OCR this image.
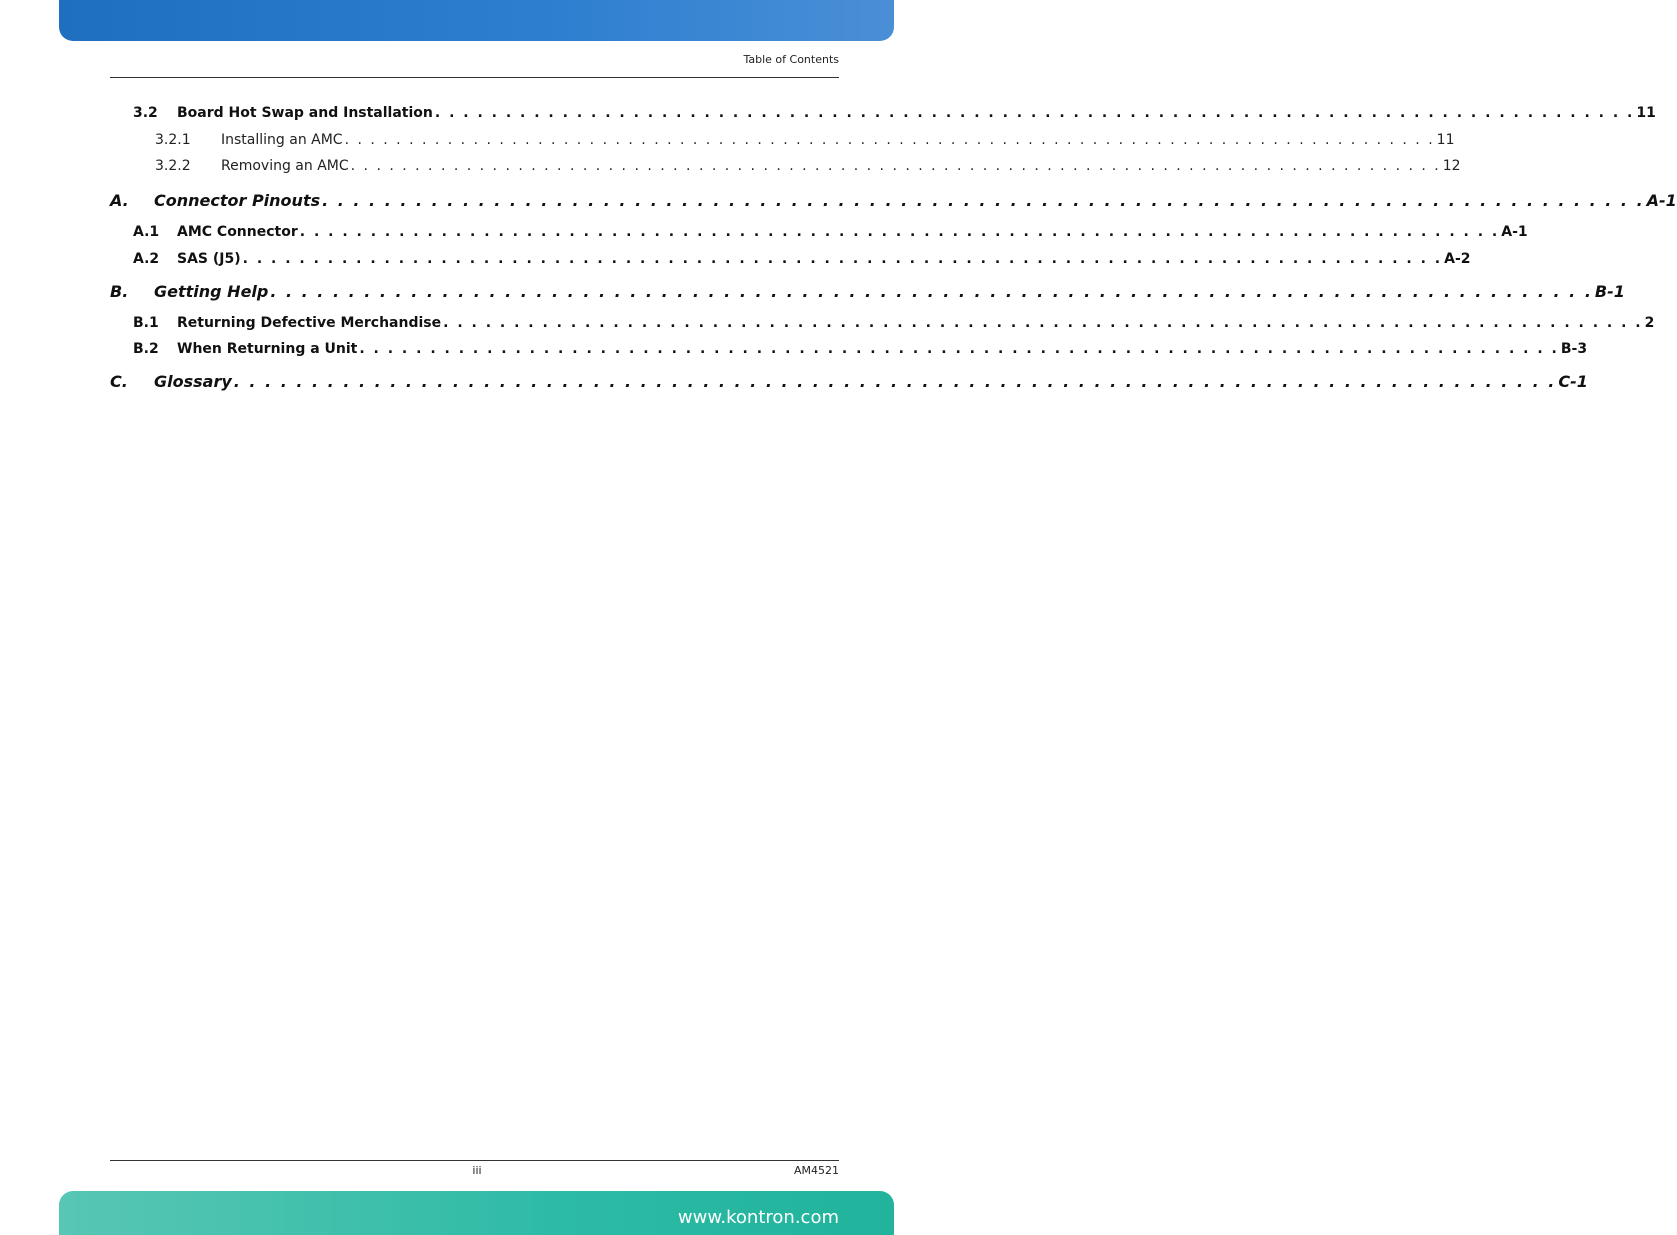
Table of Contents
3.2	Board Hot Swap and Installation . . . . . . . . . . . . . . . . . . . . . . . . . . . . . . . . . . . . . . . . . . . . . . . . . . . . . . . . . . . . . . . . . . . . . . . . . . . . . . . . . . . . . 11
3.2.1	Installing an AMC . . . . . . . . . . . . . . . . . . . . . . . . . . . . . . . . . . . . . . . . . . . . . . . . . . . . . . . . . . . . . . . . . . . . . . . . . . . . . . . . . . . . . 11
3.2.2	Removing an AMC . . . . . . . . . . . . . . . . . . . . . . . . . . . . . . . . . . . . . . . . . . . . . . . . . . . . . . . . . . . . . . . . . . . . . . . . . . . . . . . . . . . . . 12
A.	Connector Pinouts . . . . . . . . . . . . . . . . . . . . . . . . . . . . . . . . . . . . . . . . . . . . . . . . . . . . . . . . . . . . . . . . . . . . . . . . . . . . . . . . . . . . . A-1
A.1	AMC Connector . . . . . . . . . . . . . . . . . . . . . . . . . . . . . . . . . . . . . . . . . . . . . . . . . . . . . . . . . . . . . . . . . . . . . . . . . . . . . . . . . . . . . A-1
A.2	SAS (J5) . . . . . . . . . . . . . . . . . . . . . . . . . . . . . . . . . . . . . . . . . . . . . . . . . . . . . . . . . . . . . . . . . . . . . . . . . . . . . . . . . . . . . A-2
B.	Getting Help . . . . . . . . . . . . . . . . . . . . . . . . . . . . . . . . . . . . . . . . . . . . . . . . . . . . . . . . . . . . . . . . . . . . . . . . . . . . . . . . . . . . . B-1
B.1	Returning Defective Merchandise . . . . . . . . . . . . . . . . . . . . . . . . . . . . . . . . . . . . . . . . . . . . . . . . . . . . . . . . . . . . . . . . . . . . . . . . . . . . . . . . . . . . . 2
B.2	When Returning a Unit . . . . . . . . . . . . . . . . . . . . . . . . . . . . . . . . . . . . . . . . . . . . . . . . . . . . . . . . . . . . . . . . . . . . . . . . . . . . . . . . . . . . . B-3
C.	Glossary . . . . . . . . . . . . . . . . . . . . . . . . . . . . . . . . . . . . . . . . . . . . . . . . . . . . . . . . . . . . . . . . . . . . . . . . . . . . . . . . . . . . . C-1
iii	AM4521
www.kontron.com
